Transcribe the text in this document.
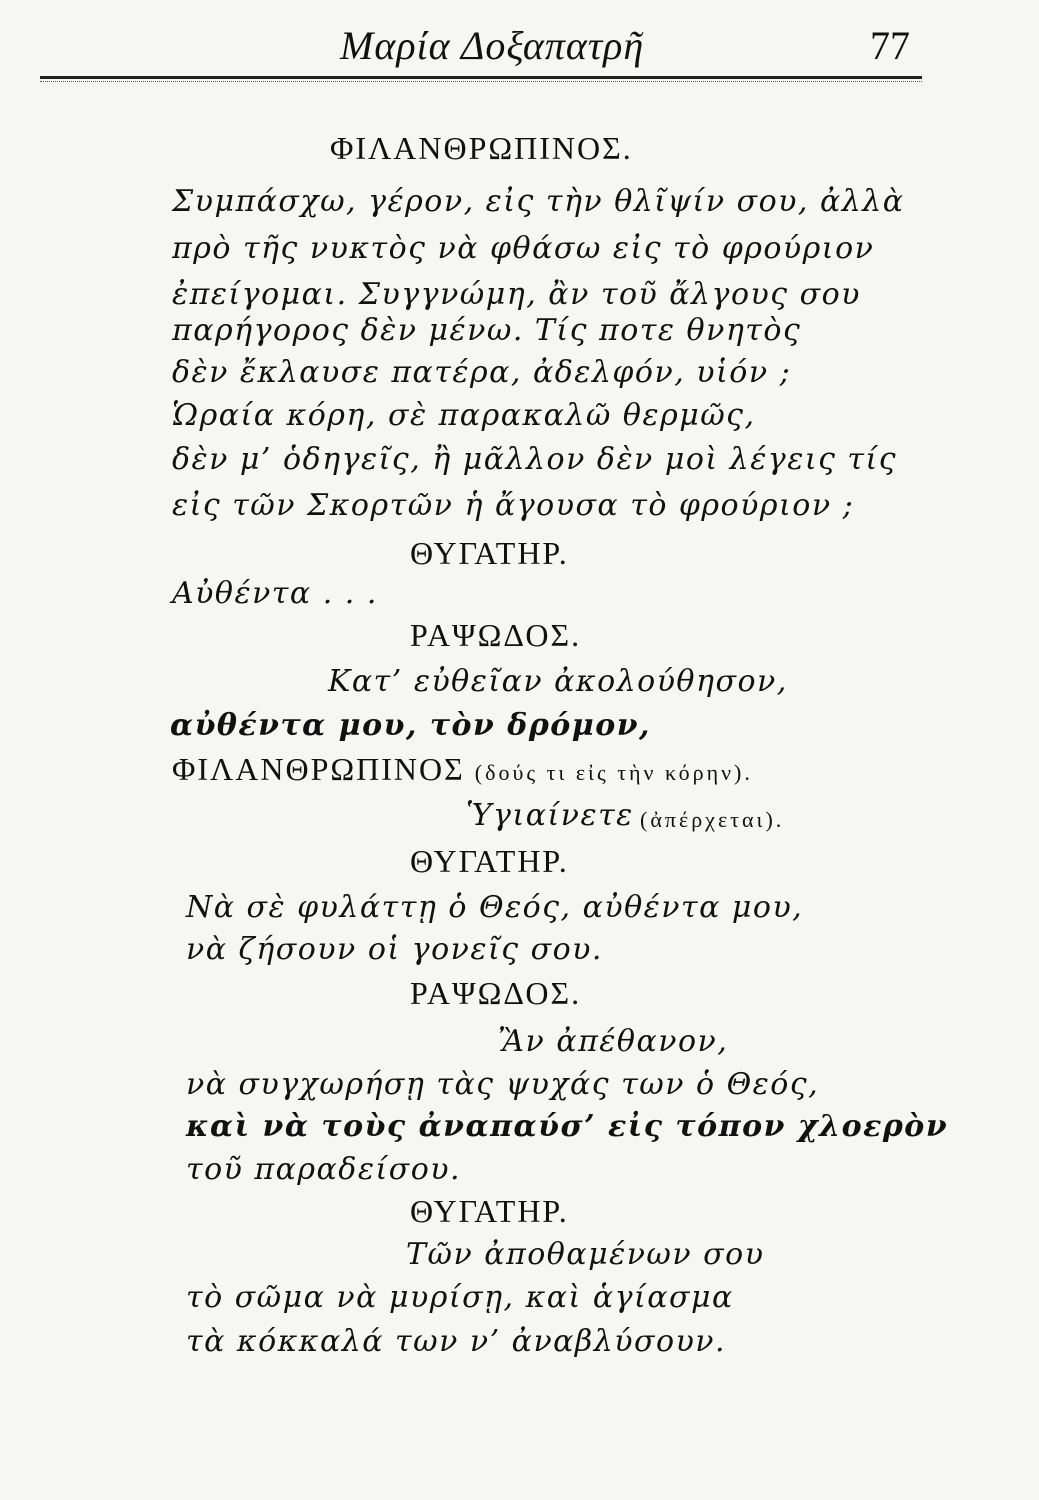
Μαρία Δοξαπατρῆ	77
ΦΙΛΑΝΘΡΩΠΙΝΟΣ.
Συμπάσχω, γέρον, εἰς τὴν θλῖψίν σου, ἀλλὰ
πρὸ τῆς νυκτὸς νὰ φθάσω εἰς τὸ φρούριον
ἐπείγομαι. Συγγνώμη, ἂν τοῦ ἄλγους σου
παρήγορος δὲν μένω. Τίς ποτε θνητὸς
δὲν ἔκλαυσε πατέρα, ἀδελφόν, υἱόν ;
Ὡραία κόρη, σὲ παρακαλῶ θερμῶς,
δὲν μ’ ὁδηγεῖς, ἢ μᾶλλον δὲν μοὶ λέγεις τίς
εἰς τῶν Σκορτῶν ἡ ἄγουσα τὸ φρούριον ;
ΘΥΓΑΤΗΡ.
Αὐθέντα . . .
ΡΑΨΩΔΟΣ.
Κατ’ εὐθεῖαν ἀκολούθησον,
αὐθέντα μου, τὸν δρόμον,
ΦΙΛΑΝΘΡΩΠΙΝΟΣ (δούς τι εἰς τὴν κόρην).
Ὑγιαίνετε (ἀπέρχεται).
ΘΥΓΑΤΗΡ.
Νὰ σὲ φυλάττῃ ὁ Θεός, αὐθέντα μου,
νὰ ζήσουν οἱ γονεῖς σου.
ΡΑΨΩΔΟΣ.
Ἂν ἀπέθανον,
νὰ συγχωρήσῃ τὰς ψυχάς των ὁ Θεός,
καὶ νὰ τοὺς ἀναπαύσ’ εἰς τόπον χλοερὸν
τοῦ παραδείσου.
ΘΥΓΑΤΗΡ.
Τῶν ἀποθαμένων σου
τὸ σῶμα νὰ μυρίσῃ, καὶ ἁγίασμα
τὰ κόκκαλά των ν’ ἀναβλύσουν.
